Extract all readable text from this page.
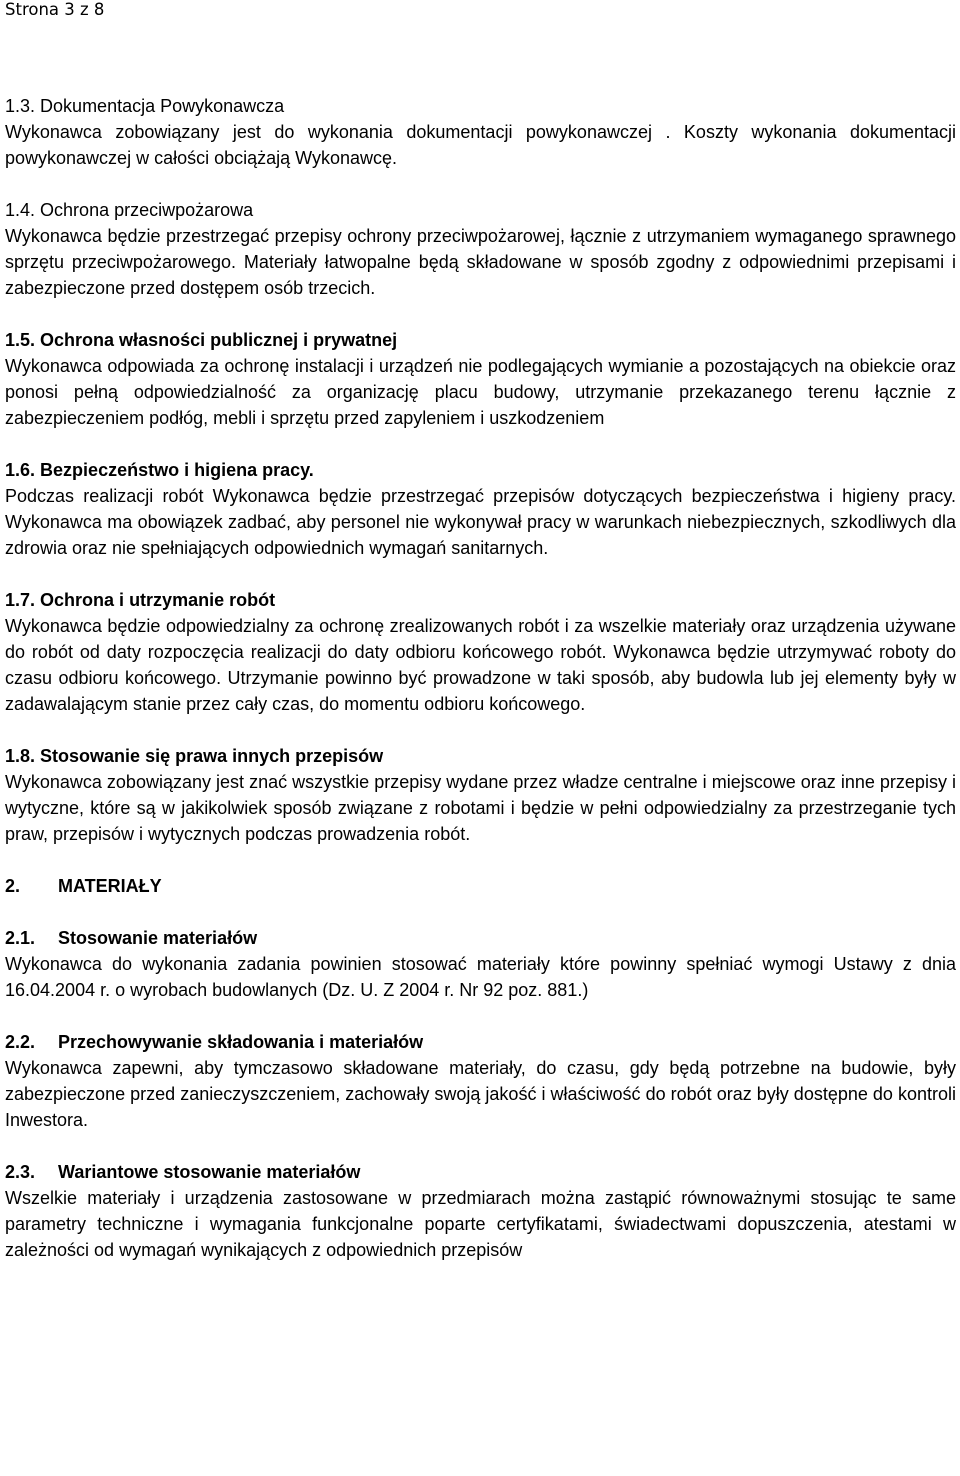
Strona 3 z 8
1.3. Dokumentacja Powykonawcza
Wykonawca zobowiązany jest do wykonania dokumentacji powykonawczej . Koszty wykonania dokumentacji powykonawczej w całości obciążają Wykonawcę.
1.4. Ochrona przeciwpożarowa
Wykonawca będzie przestrzegać przepisy ochrony przeciwpożarowej, łącznie z utrzymaniem wymaganego sprawnego sprzętu przeciwpożarowego. Materiały łatwopalne będą składowane w sposób zgodny z odpowiednimi przepisami i zabezpieczone przed dostępem osób trzecich.
1.5. Ochrona własności publicznej i prywatnej
Wykonawca odpowiada za ochronę instalacji i urządzeń nie podlegających wymianie a pozostających na obiekcie oraz ponosi pełną odpowiedzialność za organizację placu budowy, utrzymanie przekazanego terenu łącznie z zabezpieczeniem podłóg, mebli i sprzętu przed zapyleniem i uszkodzeniem
1.6. Bezpieczeństwo i higiena pracy.
Podczas realizacji robót Wykonawca będzie przestrzegać przepisów dotyczących bezpieczeństwa i higieny pracy. Wykonawca ma obowiązek zadbać, aby personel nie wykonywał pracy w warunkach niebezpiecznych, szkodliwych dla zdrowia oraz nie spełniających odpowiednich wymagań sanitarnych.
1.7. Ochrona i utrzymanie robót
Wykonawca będzie odpowiedzialny za ochronę zrealizowanych robót i za wszelkie materiały oraz urządzenia używane do robót od daty rozpoczęcia realizacji do daty odbioru końcowego robót. Wykonawca będzie utrzymywać roboty do czasu odbioru końcowego. Utrzymanie powinno być prowadzone w taki sposób, aby budowla lub jej elementy były w zadawalającym stanie przez cały czas, do momentu odbioru końcowego.
1.8. Stosowanie się prawa innych przepisów
Wykonawca zobowiązany jest znać wszystkie przepisy wydane przez władze centralne i miejscowe oraz inne przepisy i wytyczne, które są w jakikolwiek sposób związane z robotami i będzie w pełni odpowiedzialny za przestrzeganie tych praw, przepisów i wytycznych podczas prowadzenia robót.
2. MATERIAŁY
2.1. Stosowanie materiałów
Wykonawca do wykonania zadania powinien stosować materiały które powinny spełniać wymogi Ustawy z dnia 16.04.2004 r. o wyrobach budowlanych (Dz. U. Z 2004 r. Nr 92 poz. 881.)
2.2. Przechowywanie składowania i materiałów
Wykonawca zapewni, aby tymczasowo składowane materiały, do czasu, gdy będą potrzebne na budowie, były zabezpieczone przed zanieczyszczeniem, zachowały swoją jakość i właściwość do robót oraz były dostępne do kontroli Inwestora.
2.3. Wariantowe stosowanie materiałów
Wszelkie materiały i urządzenia zastosowane w przedmiarach można zastąpić równoważnymi stosując te same parametry techniczne i wymagania funkcjonalne poparte certyfikatami, świadectwami dopuszczenia, atestami w zależności od wymagań wynikających z odpowiednich przepisów
